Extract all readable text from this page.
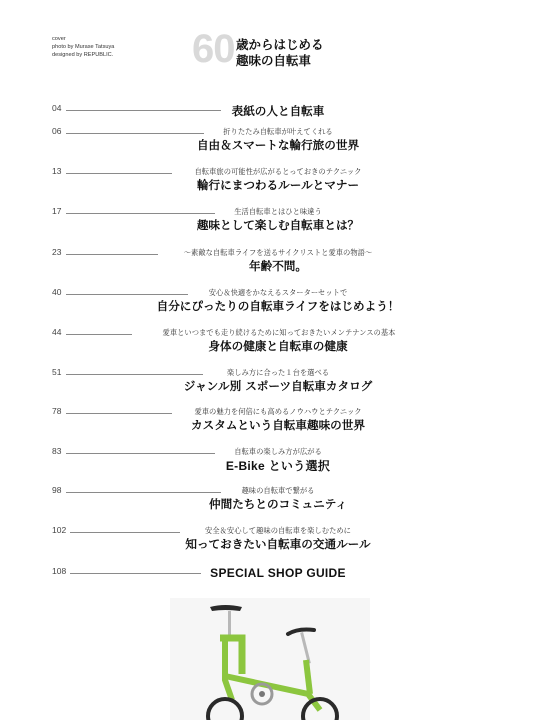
cover
photo by Murase Tatsuya
designed by REPUBLIC. 60 歳からはじめる
趣味の自転車
04	表紙の人と自転車
06	折りたたみ自転車が叶えてくれる
自由＆スマートな輪行旅の世界
13	自転車旅の可能性が広がるとっておきのテクニック
輪行にまつわるルールとマナー
17	生活自転車とはひと味違う
趣味として楽しむ自転車とは？
23	～素敵な自転車ライフを送るサイクリストと愛車の物語～
年齢不問。
40	安心＆快適をかなえるスターターセットで
自分にぴったりの自転車ライフをはじめよう！
44	愛車といつまでも走り続けるために知っておきたいメンテナンスの基本
身体の健康と自転車の健康
51	楽しみ方に合った１台を選べる
ジャンル別 スポーツ自転車カタログ
78	愛車の魅力を何倍にも高めるノウハウとテクニック
カスタムという自転車趣味の世界
83	自転車の楽しみ方が広がる
E-Bike という選択
98	趣味の自転車で繋がる
仲間たちとのコミュニティ
102	安全＆安心して趣味の自転車を楽しむために
知っておきたい自転車の交通ルール
108	SPECIAL SHOP GUIDE
